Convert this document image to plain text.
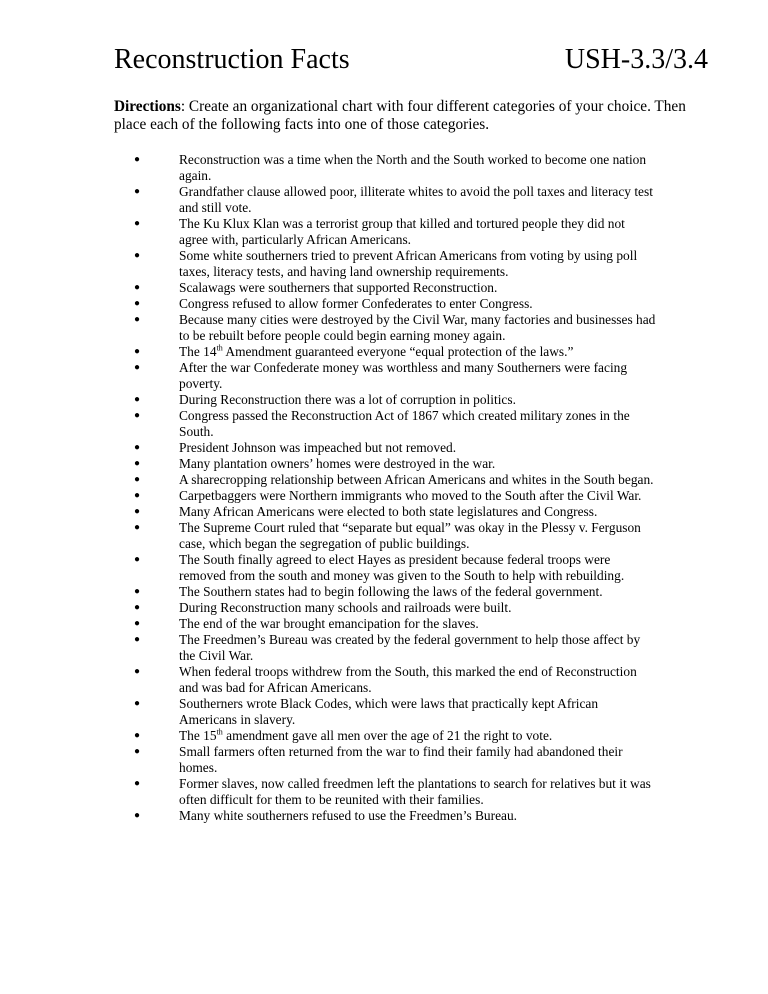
Reconstruction Facts	USH-3.3/3.4

Directions: Create an organizational chart with four different categories of your choice. Then place each of the following facts into one of those categories.

●	Reconstruction was a time when the North and the South worked to become one nation again.
●	Grandfather clause allowed poor, illiterate whites to avoid the poll taxes and literacy test and still vote.
●	The Ku Klux Klan was a terrorist group that killed and tortured people they did not agree with, particularly African Americans.
●	Some white southerners tried to prevent African Americans from voting by using poll taxes, literacy tests, and having land ownership requirements.
●	Scalawags were southerners that supported Reconstruction.
●	Congress refused to allow former Confederates to enter Congress.
●	Because many cities were destroyed by the Civil War, many factories and businesses had to be rebuilt before people could begin earning money again.
●	The 14th Amendment guaranteed everyone “equal protection of the laws.”
●	After the war Confederate money was worthless and many Southerners were facing poverty.
●	During Reconstruction there was a lot of corruption in politics.
●	Congress passed the Reconstruction Act of 1867 which created military zones in the South.
●	President Johnson was impeached but not removed.
●	Many plantation owners’ homes were destroyed in the war.
●	A sharecropping relationship between African Americans and whites in the South began.
●	Carpetbaggers were Northern immigrants who moved to the South after the Civil War.
●	Many African Americans were elected to both state legislatures and Congress.
●	The Supreme Court ruled that “separate but equal” was okay in the Plessy v. Ferguson case, which began the segregation of public buildings.
●	The South finally agreed to elect Hayes as president because federal troops were removed from the south and money was given to the South to help with rebuilding.
●	The Southern states had to begin following the laws of the federal government.
●	During Reconstruction many schools and railroads were built.
●	The end of the war brought emancipation for the slaves.
●	The Freedmen’s Bureau was created by the federal government to help those affect by the Civil War.
●	When federal troops withdrew from the South, this marked the end of Reconstruction and was bad for African Americans.
●	Southerners wrote Black Codes, which were laws that practically kept African Americans in slavery.
●	The 15th amendment gave all men over the age of 21 the right to vote.
●	Small farmers often returned from the war to find their family had abandoned their homes.
●	Former slaves, now called freedmen left the plantations to search for relatives but it was often difficult for them to be reunited with their families.
●	Many white southerners refused to use the Freedmen’s Bureau.
